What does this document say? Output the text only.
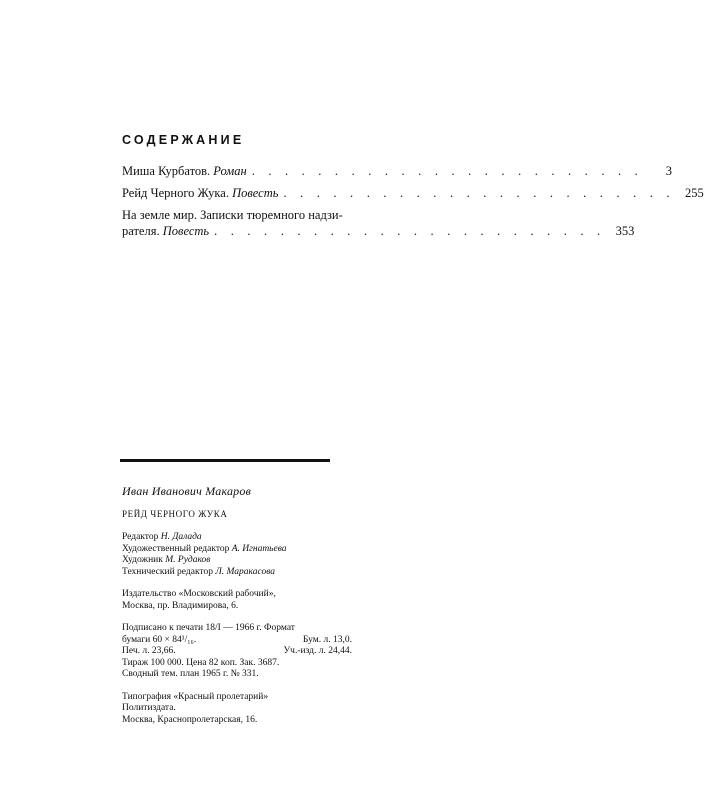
СОДЕРЖАНИЕ
Миша Курбатов. Роман . . . . . . . . . . . . . . . . . . . . . . . .	3
Рейд Черного Жука. Повесть . . . . . . . . . . . . . . . . . . . . . . . . 255
На земле мир. Записки тюремного надзи-
рателя. Повесть . . . . . . . . . . . . . . . . . . . . . . . . 353
Иван Иванович Макаров
РЕЙД ЧЕРНОГО ЖУКА
Редактор Н. Далада
Художественный редактор А. Игнатьева
Художник М. Рудаков
Технический редактор Л. Маракасова
Издательство «Московский рабочий»,
Москва, пр. Владимирова, 6.
Подписано к печати 18/I — 1966 г. Формат
бумаги 60 × 84¹/₁₆.	Бум. л. 13,0.
Печ. л. 23,66.	Уч.-изд. л. 24,44.
Тираж 100 000. Цена 82 коп. Зак. 3687.
Сводный тем. план 1965 г. № 331.
Типография «Красный пролетарий»
Политиздата.
Москва, Краснопролетарская, 16.
